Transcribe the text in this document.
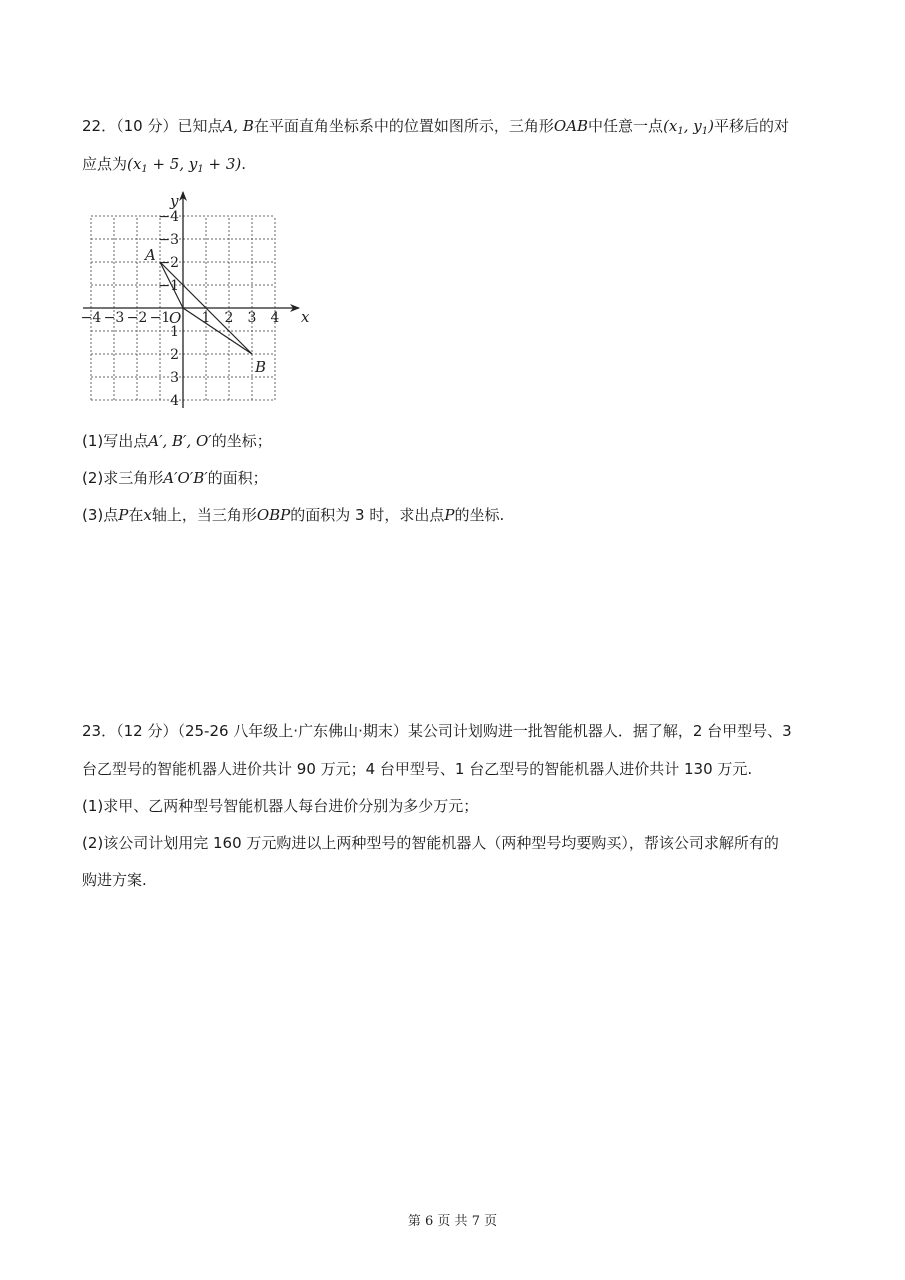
22．（10 分）已知点A, B在平面直角坐标系中的位置如图所示，三角形OAB中任意一点($x_1$, $y_1$)平移后的对
应点为($x_1 + 5$, $y_1 + 3$).
−4 −3 −2 −1 1 2 3 4
4
3
2
1
−1
−2
−3
−4
x
y
O
A
B
(1)写出点A′, B′, O′的坐标；
(2)求三角形A′O′B′的面积；
(3)点P在x轴上，当三角形OBP的面积为 3 时，求出点P的坐标.
23．（12 分）（25-26 八年级上·广东佛山·期末）某公司计划购进一批智能机器人．据了解，2 台甲型号、3
台乙型号的智能机器人进价共计 90 万元；4 台甲型号、1 台乙型号的智能机器人进价共计 130 万元.
(1)求甲、乙两种型号智能机器人每台进价分别为多少万元；
(2)该公司计划用完 160 万元购进以上两种型号的智能机器人（两种型号均要购买），帮该公司求解所有的
购进方案.
第 6 页 共 7 页
